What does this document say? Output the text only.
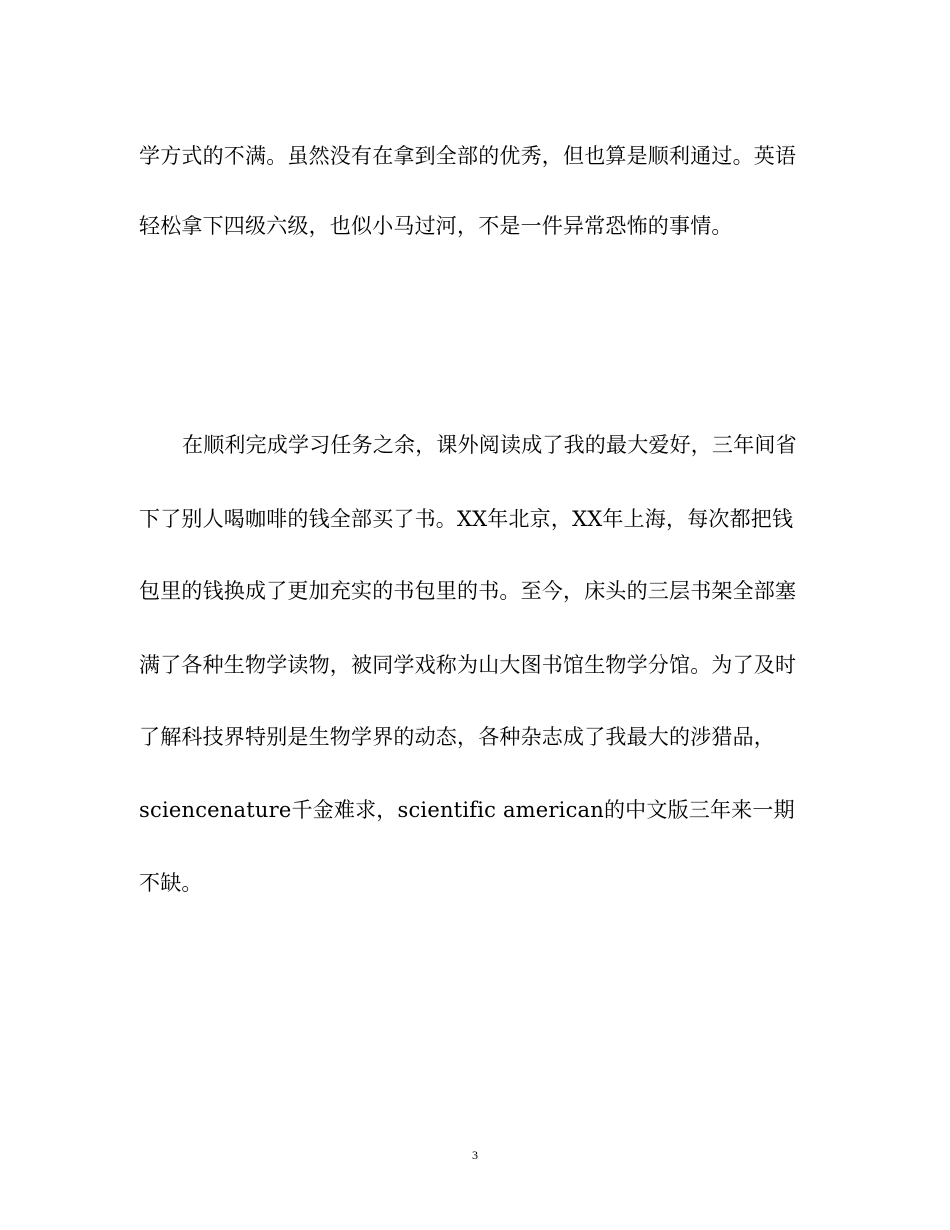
学方式的不满。虽然没有在拿到全部的优秀，但也算是顺利通过。英语
轻松拿下四级六级，也似小马过河，不是一件异常恐怖的事情。
在顺利完成学习任务之余，课外阅读成了我的最大爱好，三年间省
下了别人喝咖啡的钱全部买了书。XX年北京，XX年上海，每次都把钱
包里的钱换成了更加充实的书包里的书。至今，床头的三层书架全部塞
满了各种生物学读物，被同学戏称为山大图书馆生物学分馆。为了及时
了解科技界特别是生物学界的动态，各种杂志成了我最大的涉猎品，
sciencenature千金难求，scientific american的中文版三年来一期
不缺。
3
